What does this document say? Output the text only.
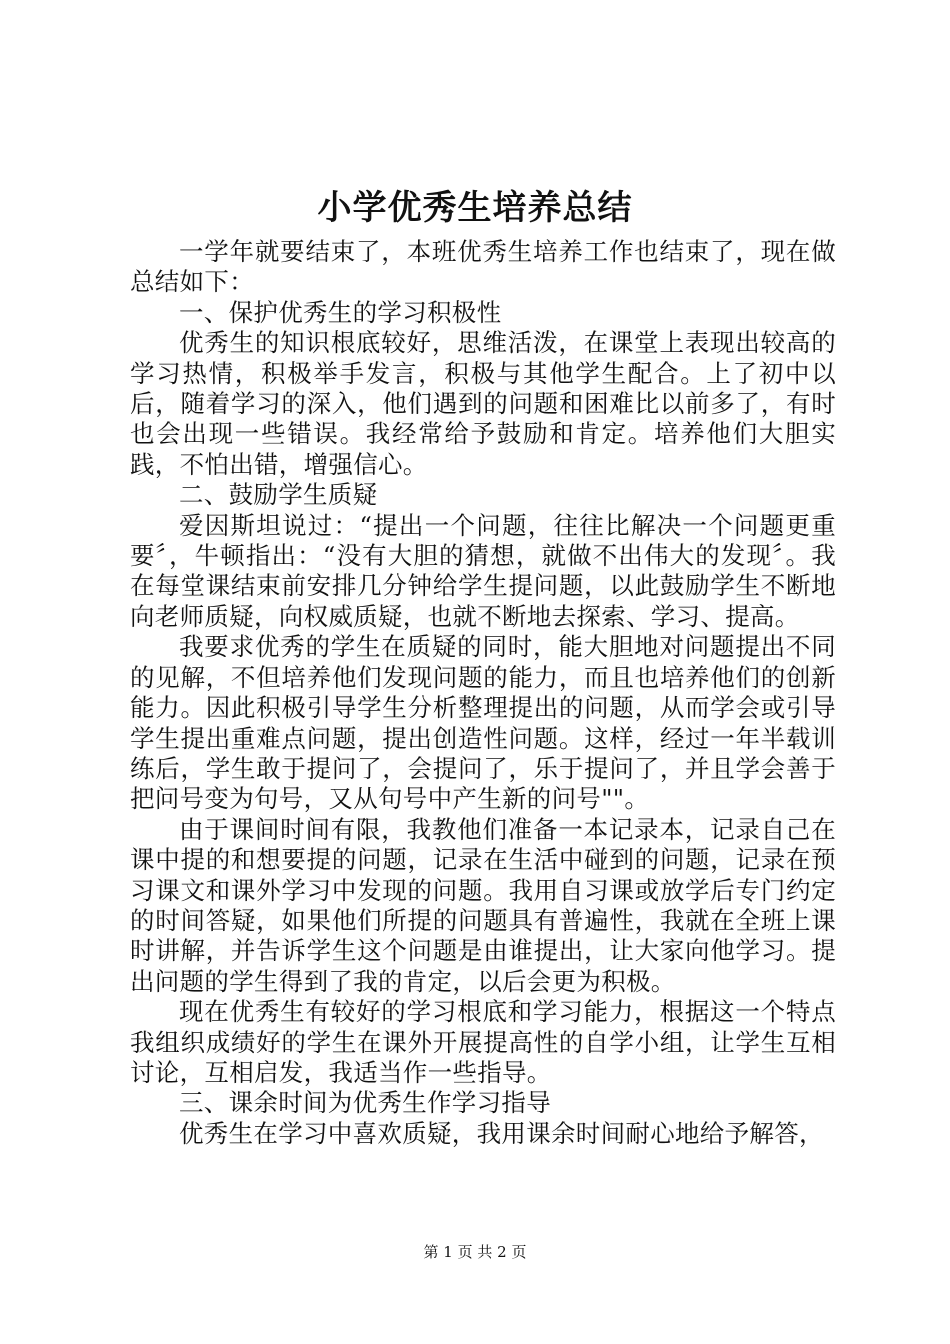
小学优秀生培养总结

一学年就要结束了，本班优秀生培养工作也结束了，现在做总结如下：

一、保护优秀生的学习积极性

优秀生的知识根底较好，思维活泼，在课堂上表现出较高的学习热情，积极举手发言，积极与其他学生配合。上了初中以后，随着学习的深入，他们遇到的问题和困难比以前多了，有时也会出现一些错误。我经常给予鼓励和肯定。培养他们大胆实践，不怕出错，增强信心。

二、鼓励学生质疑

爱因斯坦说过：“提出一个问题，往往比解决一个问题更重要〞，牛顿指出：“没有大胆的猜想，就做不出伟大的发现〞。我在每堂课结束前安排几分钟给学生提问题，以此鼓励学生不断地向老师质疑，向权威质疑，也就不断地去探索、学习、提高。

我要求优秀的学生在质疑的同时，能大胆地对问题提出不同的见解，不但培养他们发现问题的能力，而且也培养他们的创新能力。因此积极引导学生分析整理提出的问题，从而学会或引导学生提出重难点问题，提出创造性问题。这样，经过一年半载训练后，学生敢于提问了，会提问了，乐于提问了，并且学会善于把问号变为句号，又从句号中产生新的问号""。

由于课间时间有限，我教他们准备一本记录本，记录自己在课中提的和想要提的问题，记录在生活中碰到的问题，记录在预习课文和课外学习中发现的问题。我用自习课或放学后专门约定的时间答疑，如果他们所提的问题具有普遍性，我就在全班上课时讲解，并告诉学生这个问题是由谁提出，让大家向他学习。提出问题的学生得到了我的肯定，以后会更为积极。

现在优秀生有较好的学习根底和学习能力，根据这一个特点我组织成绩好的学生在课外开展提高性的自学小组，让学生互相讨论，互相启发，我适当作一些指导。

三、课余时间为优秀生作学习指导

优秀生在学习中喜欢质疑，我用课余时间耐心地给予解答，

第 1 页 共 2 页
